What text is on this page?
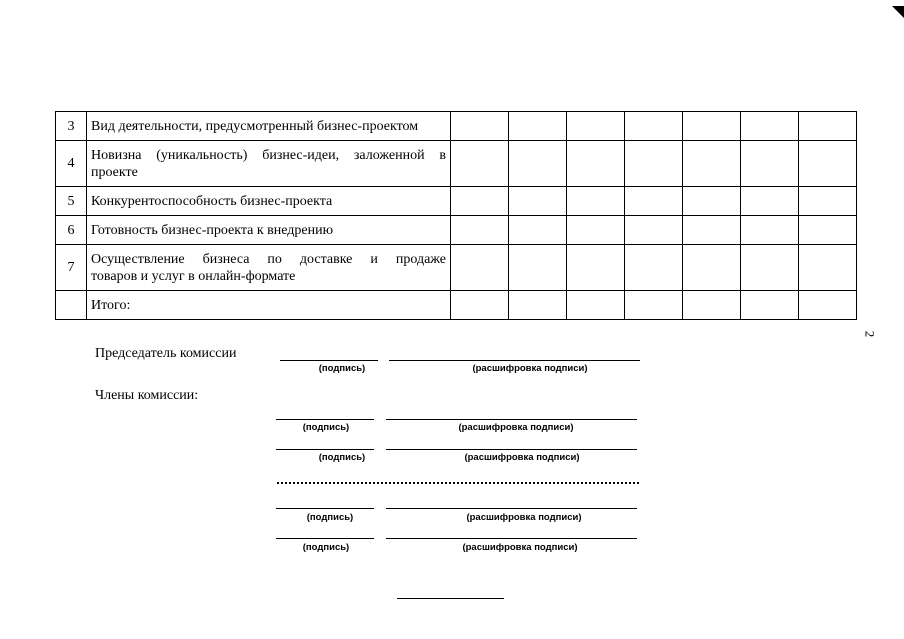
2
3	Вид деятельности, предусмотренный бизнес-проектом							
4	Новизна (уникальность) бизнес-идеи, заложенной в
проекте							
5	Конкурентоспособность бизнес-проекта							
6	Готовность бизнес-проекта к внедрению							
7	Осуществление бизнеса по доставке и продаже
товаров и услуг в онлайн-формате							
	Итого:							
Председатель комиссии
(подпись)	(расшифровка подписи)
Члены комиссии:
(подпись)	(расшифровка подписи)
(подпись)	(расшифровка подписи)
(подпись)	(расшифровка подписи)
(подпись)	(расшифровка подписи)
